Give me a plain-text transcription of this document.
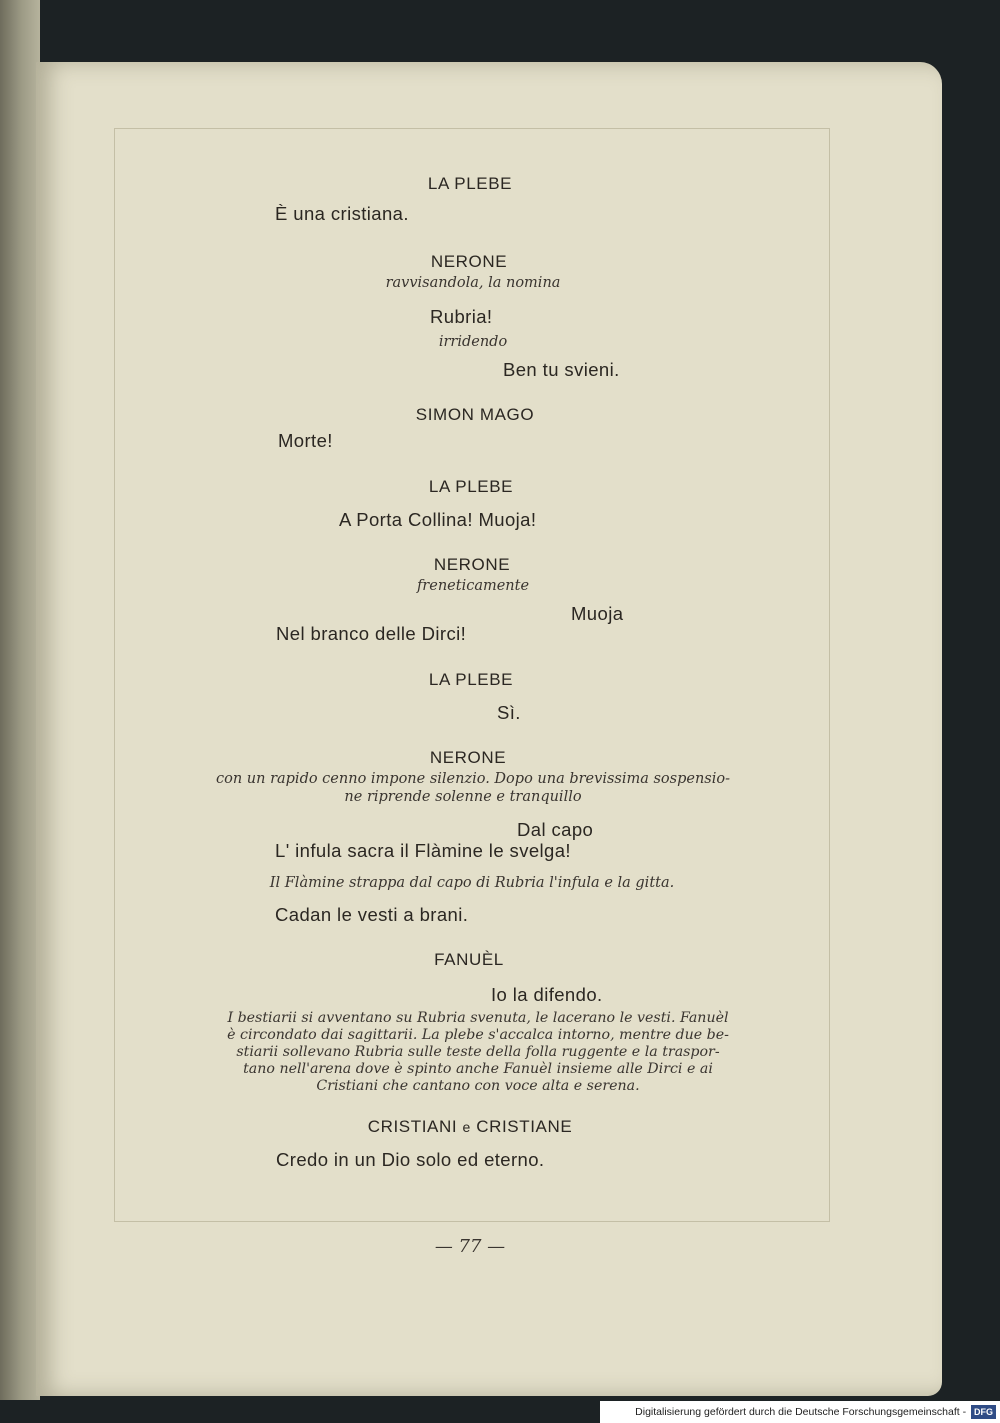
LA PLEBE
È una cristiana.
NERONE
ravvisandola, la nomina
Rubria!
irridendo
Ben tu svieni.
SIMON MAGO
Morte!
LA PLEBE
A Porta Collina! Muoja!
NERONE
freneticamente
Muoja
Nel branco delle Dirci!
LA PLEBE
Sì.
NERONE
con un rapido cenno impone silenzio. Dopo una brevissima sospensio-
ne riprende solenne e tranquillo
Dal capo
L' infula sacra il Flàmine le svelga!
Il Flàmine strappa dal capo di Rubria l'infula e la gitta.
Cadan le vesti a brani.
FANUÈL
Io la difendo.
I bestiarii si avventano su Rubria svenuta, le lacerano le vesti. Fanuèl
è circondato dai sagittarii. La plebe s'accalca intorno, mentre due be-
stiarii sollevano Rubria sulle teste della folla ruggente e la traspor-
tano nell'arena dove è spinto anche Fanuèl insieme alle Dirci e ai
Cristiani che cantano con voce alta e serena.
CRISTIANI e CRISTIANE
Credo in un Dio solo ed eterno.
— 77 —
Digitalisierung gefördert durch die Deutsche Forschungsgemeinschaft - DFG
